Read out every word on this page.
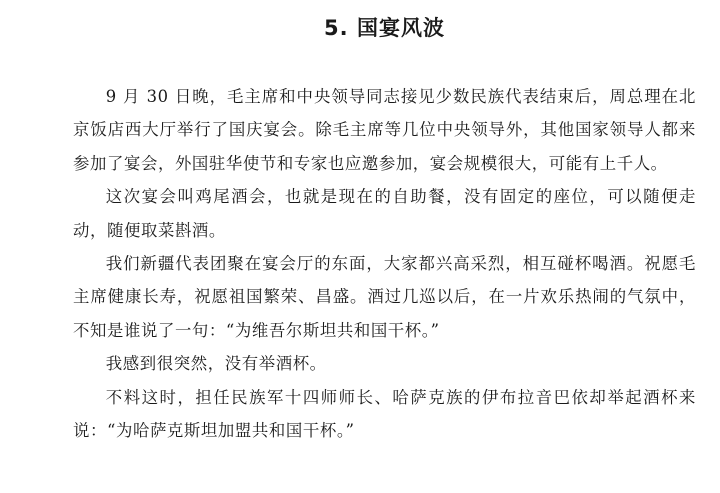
5. 国宴风波

9 月 30 日晚，毛主席和中央领导同志接见少数民族代表结束后，周总理在北京饭店西大厅举行了国庆宴会。除毛主席等几位中央领导外，其他国家领导人都来参加了宴会，外国驻华使节和专家也应邀参加，宴会规模很大，可能有上千人。

这次宴会叫鸡尾酒会，也就是现在的自助餐，没有固定的座位，可以随便走动，随便取菜斟酒。

我们新疆代表团聚在宴会厅的东面，大家都兴高采烈，相互碰杯喝酒。祝愿毛主席健康长寿，祝愿祖国繁荣、昌盛。酒过几巡以后，在一片欢乐热闹的气氛中，不知是谁说了一句：“为维吾尔斯坦共和国干杯。”

我感到很突然，没有举酒杯。

不料这时，担任民族军十四师师长、哈萨克族的伊布拉音巴依却举起酒杯来说：“为哈萨克斯坦加盟共和国干杯。”
